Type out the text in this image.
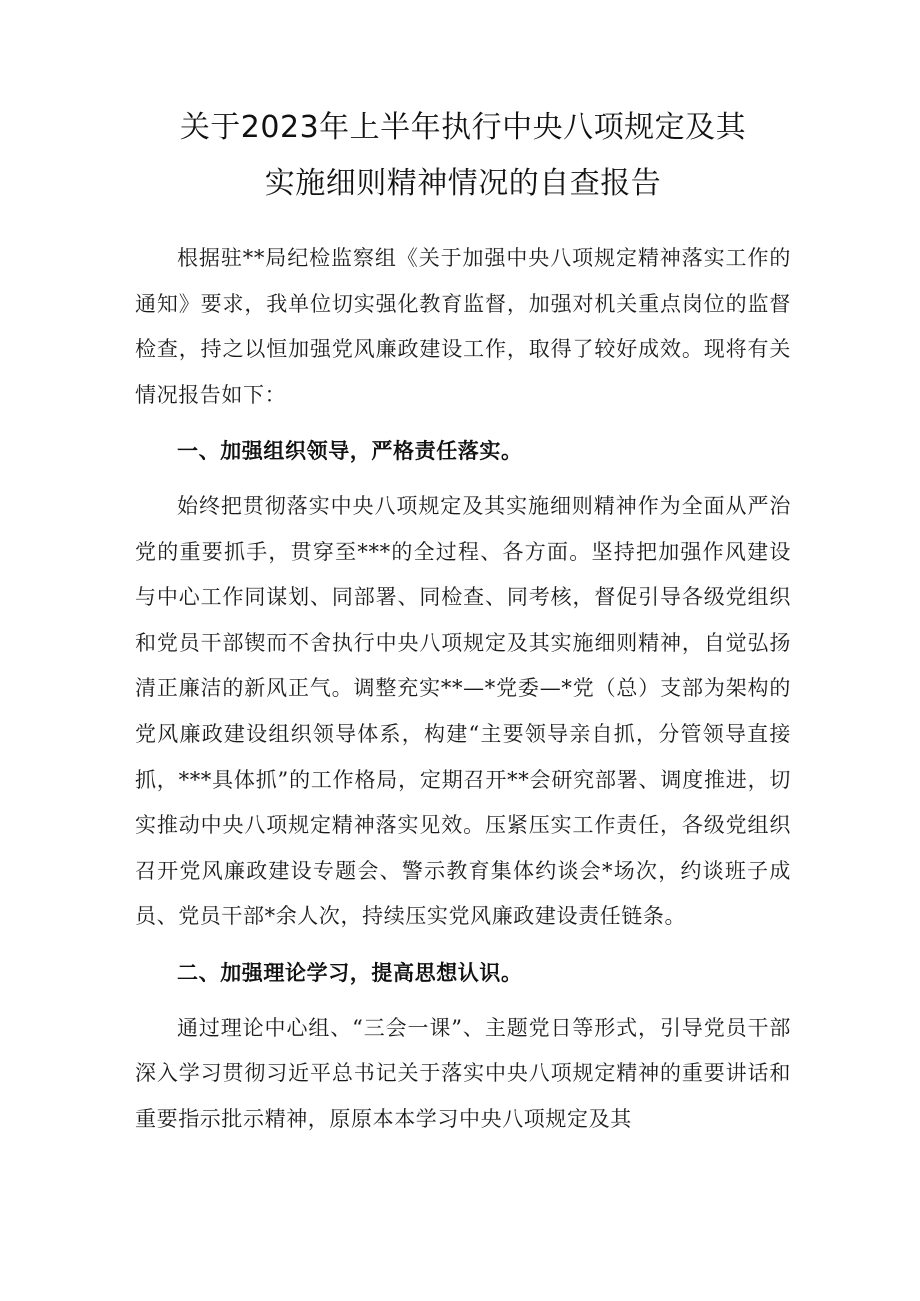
关于2023年上半年执行中央八项规定及其
实施细则精神情况的自查报告

根据驻**局纪检监察组《关于加强中央八项规定精神落实工作的通知》要求，我单位切实强化教育监督，加强对机关重点岗位的监督检查，持之以恒加强党风廉政建设工作，取得了较好成效。现将有关情况报告如下：

一、加强组织领导，严格责任落实。

始终把贯彻落实中央八项规定及其实施细则精神作为全面从严治党的重要抓手，贯穿至***的全过程、各方面。坚持把加强作风建设与中心工作同谋划、同部署、同检查、同考核，督促引导各级党组织和党员干部锲而不舍执行中央八项规定及其实施细则精神，自觉弘扬清正廉洁的新风正气。调整充实**—*党委—*党（总）支部为架构的党风廉政建设组织领导体系，构建“主要领导亲自抓，分管领导直接抓，***具体抓”的工作格局，定期召开**会研究部署、调度推进，切实推动中央八项规定精神落实见效。压紧压实工作责任，各级党组织召开党风廉政建设专题会、警示教育集体约谈会*场次，约谈班子成员、党员干部*余人次，持续压实党风廉政建设责任链条。

二、加强理论学习，提高思想认识。

通过理论中心组、“三会一课”、主题党日等形式，引导党员干部深入学习贯彻习近平总书记关于落实中央八项规定精神的重要讲话和重要指示批示精神，原原本本学习中央八项规定及其
